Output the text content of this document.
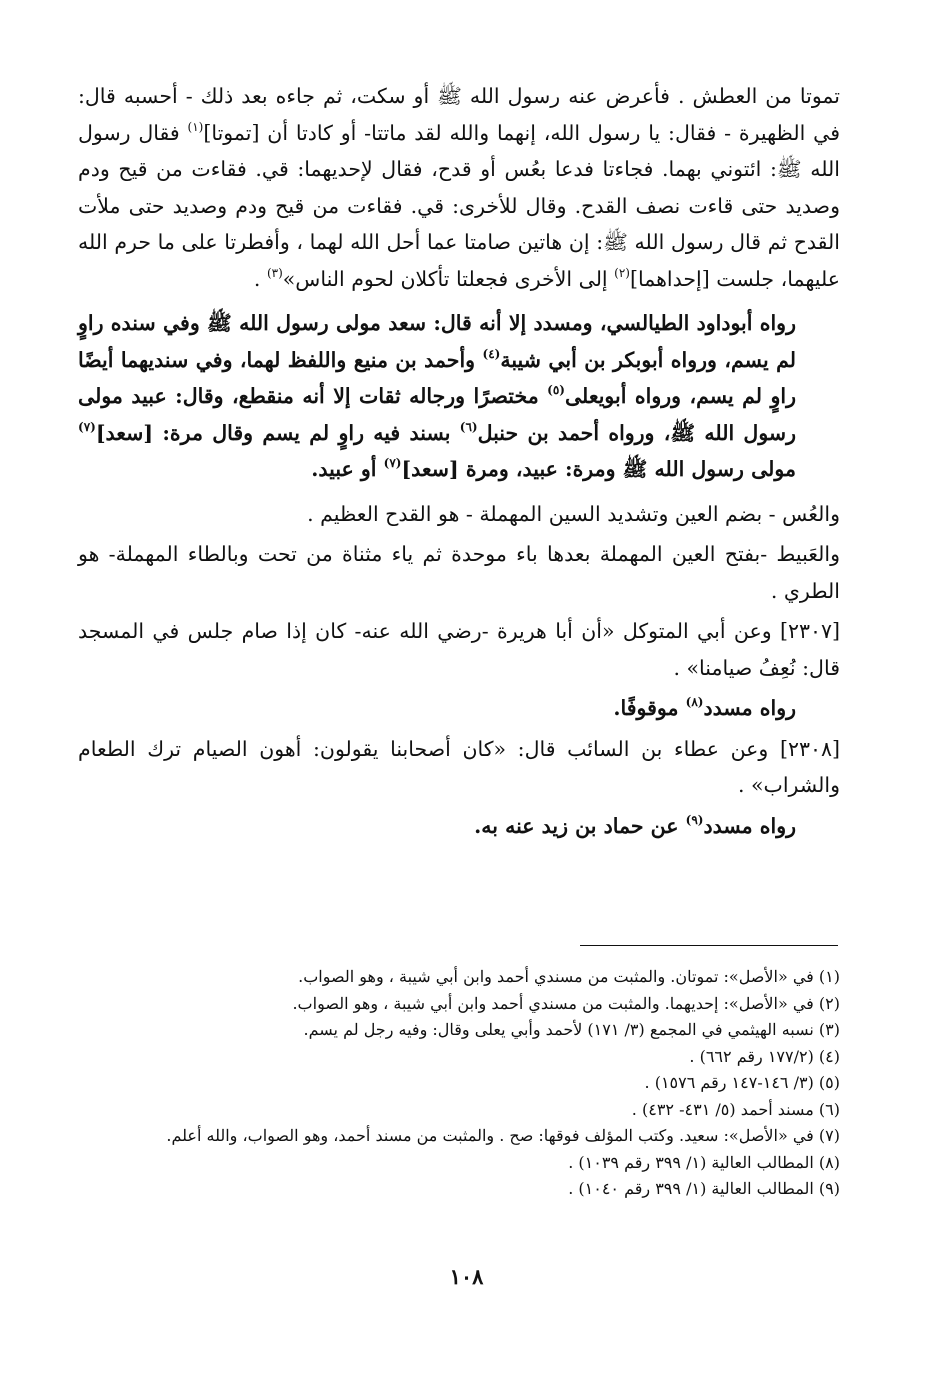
تموتا من العطش . فأعرض عنه رسول الله ﷺ أو سكت، ثم جاءه بعد ذلك - أحسبه قال: في الظهيرة - فقال: يا رسول الله، إنهما والله لقد ماتتا- أو كادتا أن [تموتا]$^{(١)}$ فقال رسول الله ﷺ: ائتوني بهما. فجاءتا فدعا بعُس أو قدح، فقال لإحديهما: قي. فقاءت من قيح ودم وصديد حتى قاءت نصف القدح. وقال للأخرى: قي. فقاءت من قيح ودم وصديد حتى ملأت القدح ثم قال رسول الله ﷺ: إن هاتين صامتا عما أحل الله لهما ، وأفطرتا على ما حرم الله عليهما، جلست [إحداهما]$^{(٢)}$ إلى الأخرى فجعلتا تأكلان لحوم الناس»$^{(٣)}$ .

رواه أبوداود الطيالسي، ومسدد إلا أنه قال: سعد مولى رسول الله ﷺ وفي سنده راوٍ لم يسم، ورواه أبوبكر بن أبي شيبة$^{(٤)}$ وأحمد بن منيع واللفظ لهما، وفي سنديهما أيضًا راوٍ لم يسم، ورواه أبويعلى$^{(٥)}$ مختصرًا ورجاله ثقات إلا أنه منقطع، وقال: عبيد مولى رسول الله ﷺ، ورواه أحمد بن حنبل$^{(٦)}$ بسند فيه راوٍ لم يسم وقال مرة: [سعد]$^{(٧)}$ مولى رسول الله ﷺ ومرة: عبيد، ومرة [سعد]$^{(٧)}$ أو عبيد.

والعُس - بضم العين وتشديد السين المهملة - هو القدح العظيم .

والعَبيط -بفتح العين المهملة بعدها باء موحدة ثم ياء مثناة من تحت وبالطاء المهملة- هو الطري .

[٢٣٠٧] وعن أبي المتوكل «أن أبا هريرة -رضي الله عنه- كان إذا صام جلس في المسجد قال: نُعِفُ صيامنا» .

رواه مسدد$^{(٨)}$ موقوفًا.

[٢٣٠٨] وعن عطاء بن السائب قال: «كان أصحابنا يقولون: أهون الصيام ترك الطعام والشراب» .

رواه مسدد$^{(٩)}$ عن حماد بن زيد عنه به.

(١) في «الأصل»: تموتان. والمثبت من مسندي أحمد وابن أبي شيبة ، وهو الصواب.
(٢) في «الأصل»: إحديهما. والمثبت من مسندي أحمد وابن أبي شيبة ، وهو الصواب.
(٣) نسبه الهيثمي في المجمع (٣/ ١٧١) لأحمد وأبي يعلى وقال: وفيه رجل لم يسم.
(٤) (١٧٧/٢ رقم ٦٦٢) .
(٥) (٣/ ١٤٦-١٤٧ رقم ١٥٧٦) .
(٦) مسند أحمد (٥/ ٤٣١- ٤٣٢) .
(٧) في «الأصل»: سعيد. وكتب المؤلف فوقها: صح . والمثبت من مسند أحمد، وهو الصواب، والله أعلم.
(٨) المطالب العالية (١/ ٣٩٩ رقم ١٠٣٩) .
(٩) المطالب العالية (١/ ٣٩٩ رقم ١٠٤٠) .
١٠٨
